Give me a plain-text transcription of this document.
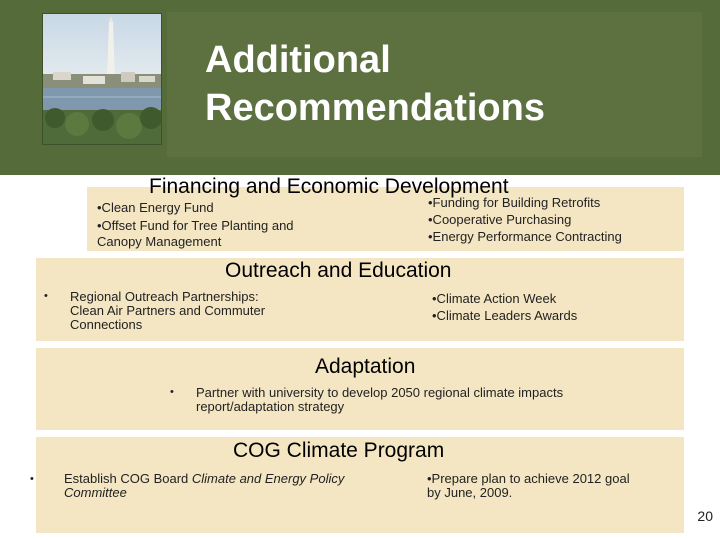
Additional
Recommendations
Financing and Economic Development
•Clean Energy Fund
•Offset Fund for Tree Planting and
Canopy Management
•Funding for Building Retrofits
•Cooperative Purchasing
•Energy Performance Contracting
Outreach and Education
• Regional Outreach Partnerships:
Clean Air Partners and Commuter
Connections
•Climate Action Week
•Climate Leaders Awards
Adaptation
• Partner with university to develop 2050 regional climate impacts
report/adaptation strategy
COG Climate Program
• Establish COG Board Climate and Energy Policy
Committee
•Prepare plan to achieve 2012 goal
by June, 2009.
20
